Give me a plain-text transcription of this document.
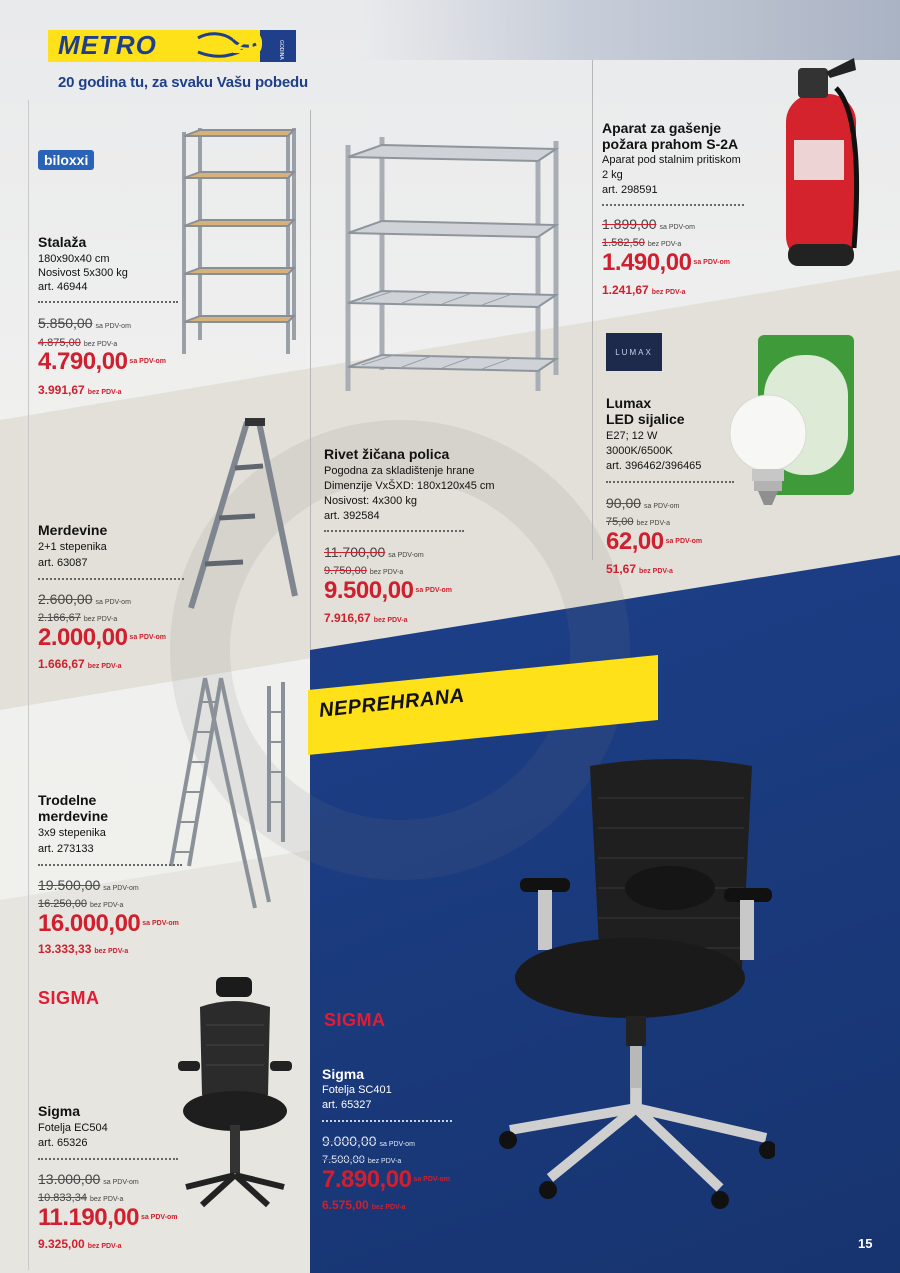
METRO	20	GODINA
20 godina tu, za svaku Vašu pobedu
biloxxi
Stalaža
180x90x40 cm
Nosivost 5x300 kg
art. 46944
5.850,00 sa PDV-om
4.875,00 bez PDV-a
4.790,00 $^{sa PDV-om}$
3.991,67 bez PDV-a
Rivet žičana polica
Pogodna za skladištenje hrane
Dimenzije VxŠXD: 180x120x45 cm
Nosivost: 4x300 kg
art. 392584
11.700,00 sa PDV-om
9.750,00 bez PDV-a
9.500,00 $^{sa PDV-om}$
7.916,67 bez PDV-a
Aparat za gašenje
požara prahom S-2A
Aparat pod stalnim pritiskom
2 kg
art. 298591
1.899,00 sa PDV-om
1.582,50 bez PDV-a
1.490,00 $^{sa PDV-om}$
1.241,67 bez PDV-a
LUMAX
Lumax
LED sijalice
E27; 12 W
3000K/6500K
art. 396462/396465
90,00 sa PDV-om
75,00 bez PDV-a
62,00 $^{sa PDV-om}$
51,67 bez PDV-a
Merdevine
2+1 stepenika
art. 63087
2.600,00 sa PDV-om
2.166,67 bez PDV-a
2.000,00 $^{sa PDV-om}$
1.666,67 bez PDV-a
Trodelne
merdevine
3x9 stepenika
art. 273133
19.500,00 sa PDV-om
16.250,00 bez PDV-a
16.000,00 $^{sa PDV-om}$
13.333,33 bez PDV-a
SIGMA
Sigma
Fotelja EC504
art. 65326
13.000,00 sa PDV-om
10.833,34 bez PDV-a
11.190,00 $^{sa PDV-om}$
9.325,00 bez PDV-a
NEPREHRANA
SIGMA
Sigma
Fotelja SC401
art. 65327
9.000,00 sa PDV-om
7.500,00 bez PDV-a
7.890,00 $^{sa PDV-om}$
6.575,00 bez PDV-a
15
